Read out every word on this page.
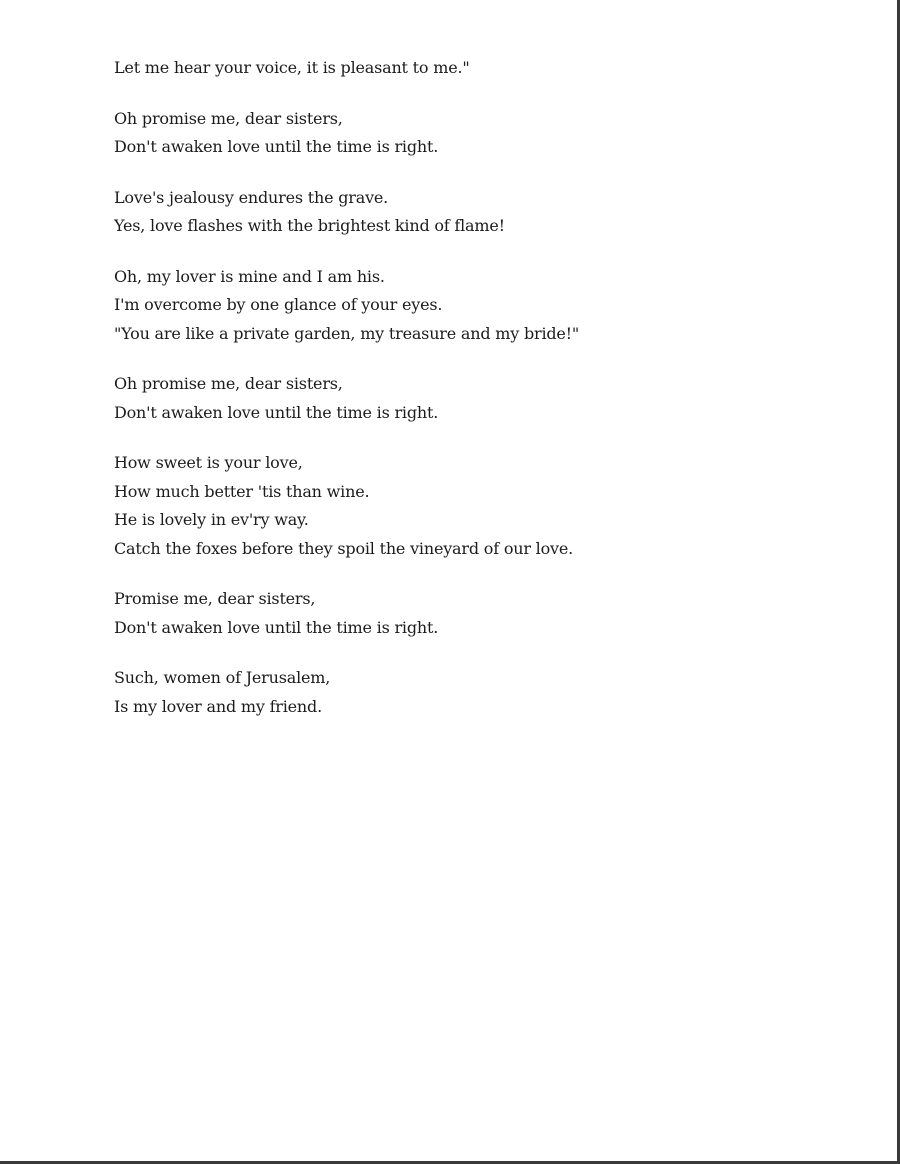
Let me hear your voice, it is pleasant to me."
Oh promise me, dear sisters,
Don't awaken love until the time is right.
Love's jealousy endures the grave.
Yes, love flashes with the brightest kind of flame!
Oh, my lover is mine and I am his.
I'm overcome by one glance of your eyes.
"You are like a private garden, my treasure and my bride!"
Oh promise me, dear sisters,
Don't awaken love until the time is right.
How sweet is your love,
How much better 'tis than wine.
He is lovely in ev'ry way.
Catch the foxes before they spoil the vineyard of our love.
Promise me, dear sisters,
Don't awaken love until the time is right.
Such, women of Jerusalem,
Is my lover and my friend.
